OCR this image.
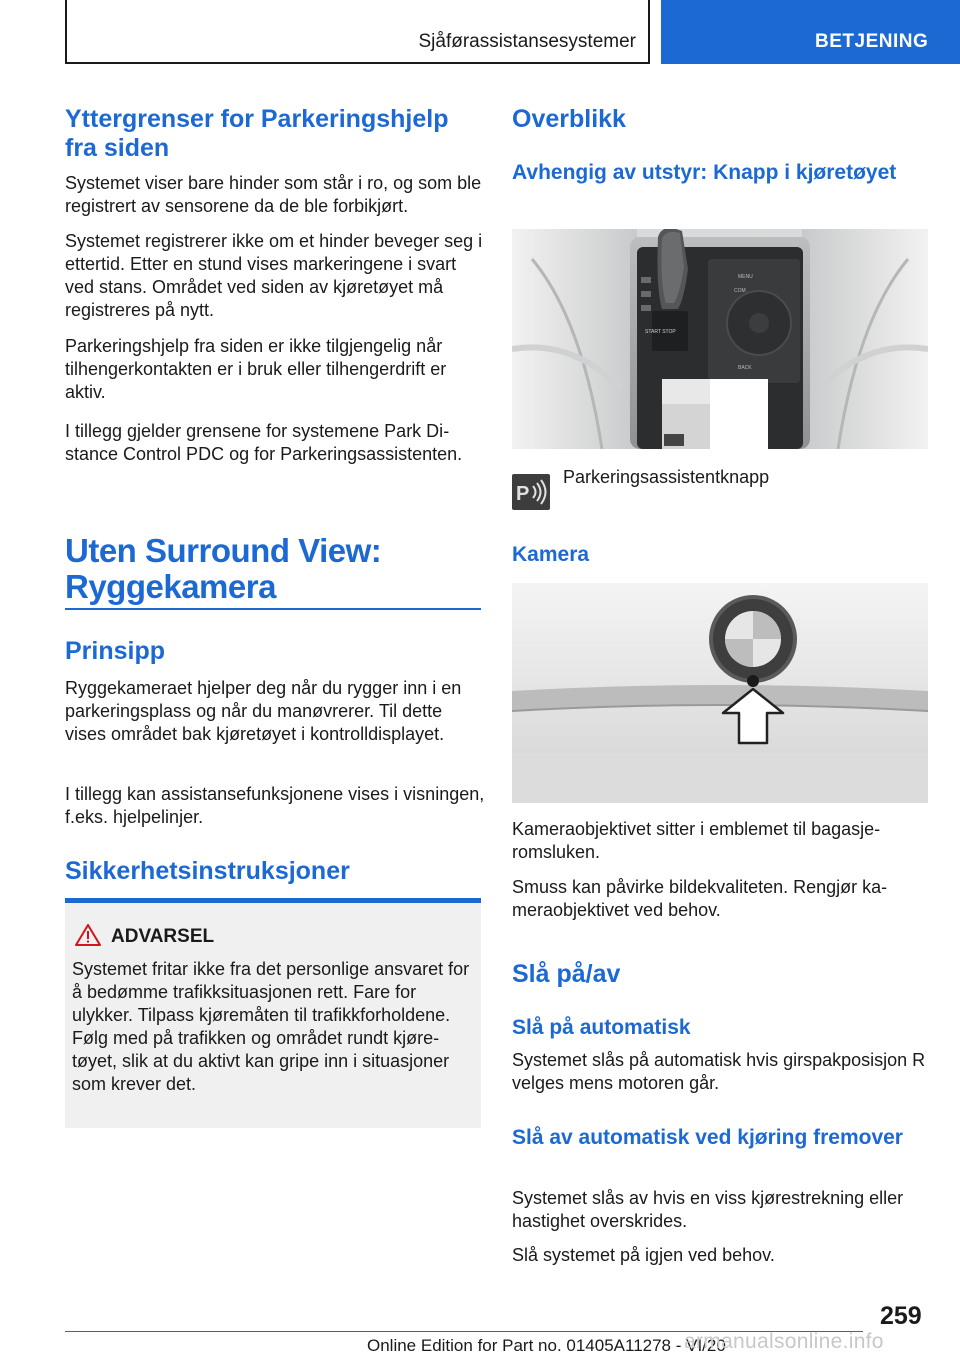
Sjåførassistansesystemer	BETJENING
Yttergrenser for Parkeringshjelp fra siden
Systemet viser bare hinder som står i ro, og som ble registrert av sensorene da de ble forbikjørt.
Systemet registrerer ikke om et hinder beveger seg i ettertid. Etter en stund vises markeringene i svart ved stans. Området ved siden av kjøretøyet må registreres på nytt.
Parkeringshjelp fra siden er ikke tilgjengelig når tilhengerkontakten er i bruk eller tilhengerdrift er aktiv.
I tillegg gjelder grensene for systemene Park Distance Control PDC og for Parkeringsassistenten.
Uten Surround View: Ryggekamera
Prinsipp
Ryggekameraet hjelper deg når du rygger inn i en parkeringsplass og når du manøvrerer. Til dette vises området bak kjøretøyet i kontrolldisplayet.
I tillegg kan assistansefunksjonene vises i visningen, f.eks. hjelpelinjer.
Sikkerhetsinstruksjoner
ADVARSEL
Systemet fritar ikke fra det personlige ansvaret for å bedømme trafikksituasjonen rett. Fare for ulykker. Tilpass kjøremåten til trafikkforholdene. Følg med på trafikken og området rundt kjøretøyet, slik at du aktivt kan gripe inn i situasjoner som krever det.
Overblikk
Avhengig av utstyr: Knapp i kjøretøyet
START STOP
MENU
COM
BACK
P
Parkeringsassistentknapp
Kamera
Kameraobjektivet sitter i emblemet til bagasjeromsluken.
Smuss kan påvirke bildekvaliteten. Rengjør kameraobjektivet ved behov.
Slå på/av
Slå på automatisk
Systemet slås på automatisk hvis girspakposisjon R velges mens motoren går.
Slå av automatisk ved kjøring fremover
Systemet slås av hvis en viss kjørestrekning eller hastighet overskrides.
Slå systemet på igjen ved behov.
259
Online Edition for Part no. 01405A11278 - VI/20
armanualsonline.info
